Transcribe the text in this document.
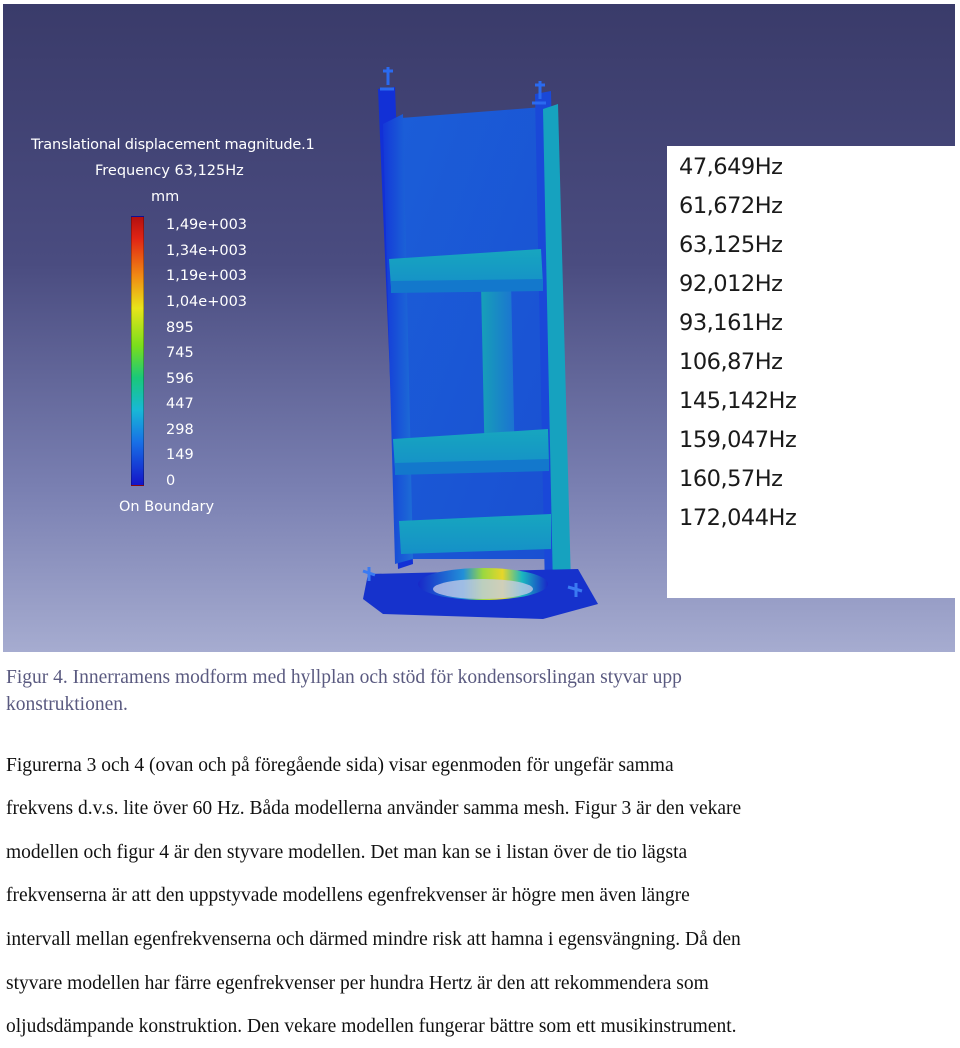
Translational displacement magnitude.1
Frequency 63,125Hz
mm
1,49e+003
1,34e+003
1,19e+003
1,04e+003
895
745
596
447
298
149
0
On Boundary
47,649Hz
61,672Hz
63,125Hz
92,012Hz
93,161Hz
106,87Hz
145,142Hz
159,047Hz
160,57Hz
172,044Hz
Figur 4. Innerramens modform med hyllplan och stöd för kondensorslingan styvar upp
konstruktionen.
Figurerna 3 och 4 (ovan och på föregående sida) visar egenmoden för ungefär samma
frekvens d.v.s. lite över 60 Hz. Båda modellerna använder samma mesh. Figur 3 är den vekare
modellen och figur 4 är den styvare modellen. Det man kan se i listan över de tio lägsta
frekvenserna är att den uppstyvade modellens egenfrekvenser är högre men även längre
intervall mellan egenfrekvenserna och därmed mindre risk att hamna i egensvängning. Då den
styvare modellen har färre egenfrekvenser per hundra Hertz är den att rekommendera som
oljudsdämpande konstruktion. Den vekare modellen fungerar bättre som ett musikinstrument.
